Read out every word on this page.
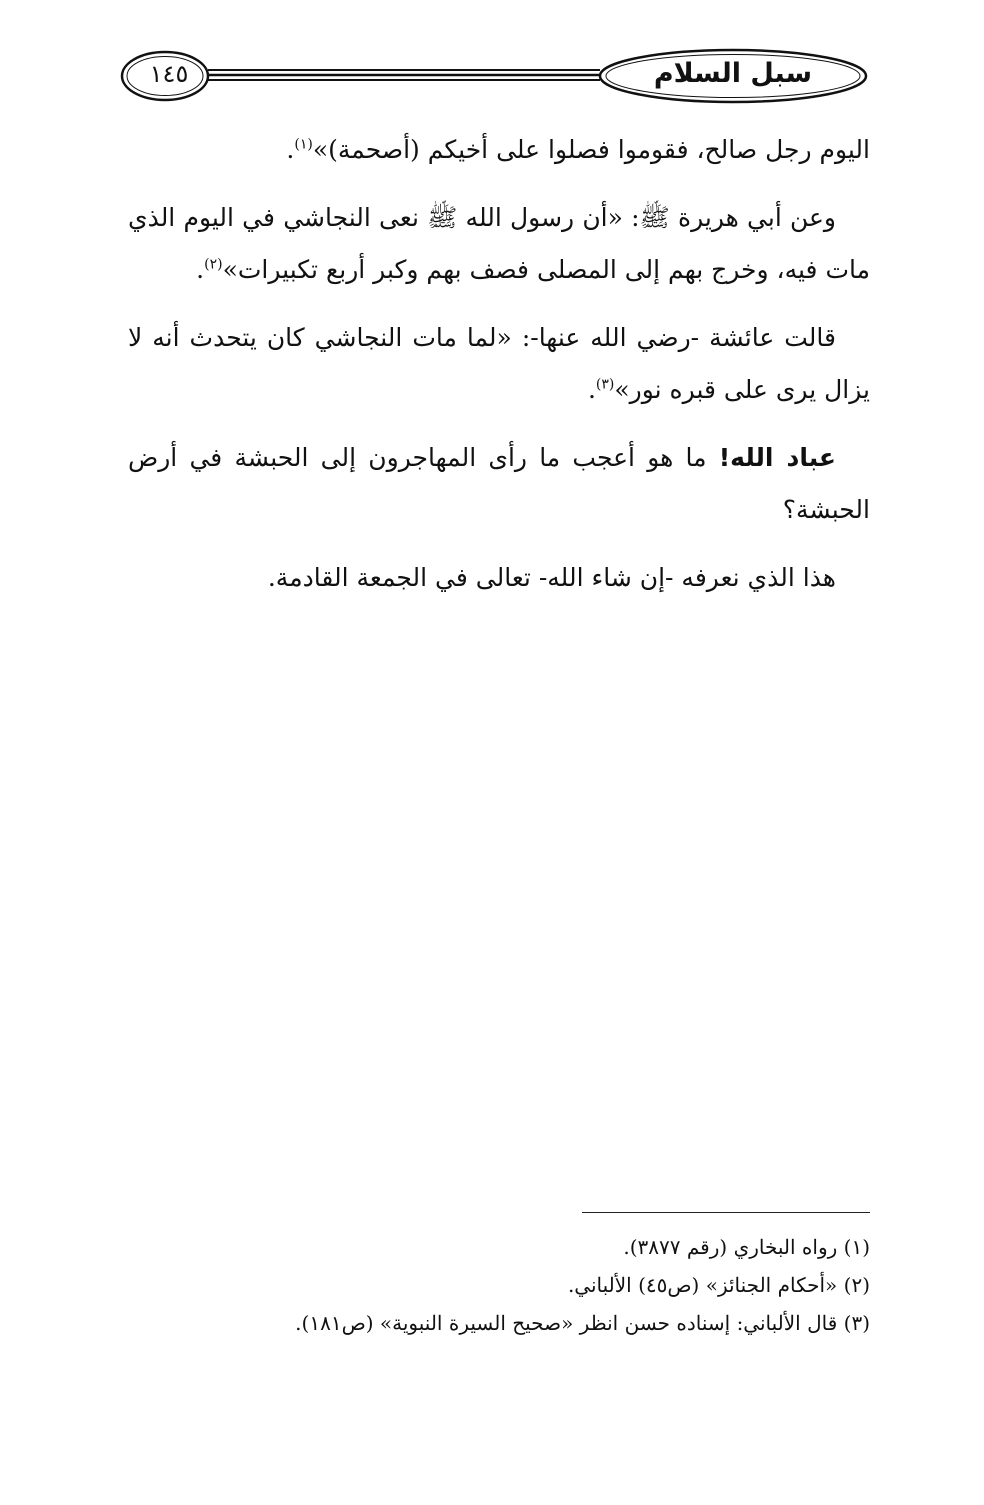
سبل السلام
١٤٥

اليوم رجل صالح، فقوموا فصلوا على أخيكم (أصحمة)»$^{(١)}$.

وعن أبي هريرة ﷺ: «أن رسول الله ﷺ نعى النجاشي في اليوم الذي مات فيه، وخرج بهم إلى المصلى فصف بهم وكبر أربع تكبيرات»$^{(٢)}$.

قالت عائشة -رضي الله عنها-: «لما مات النجاشي كان يتحدث أنه لا يزال يرى على قبره نور»$^{(٣)}$.

عباد الله! ما هو أعجب ما رأى المهاجرون إلى الحبشة في أرض الحبشة؟

هذا الذي نعرفه -إن شاء الله- تعالى في الجمعة القادمة.

(١) رواه البخاري (رقم ٣٨٧٧).

(٢) «أحكام الجنائز» (ص٤٥) الألباني.

(٣) قال الألباني: إسناده حسن انظر «صحيح السيرة النبوية» (ص١٨١).
